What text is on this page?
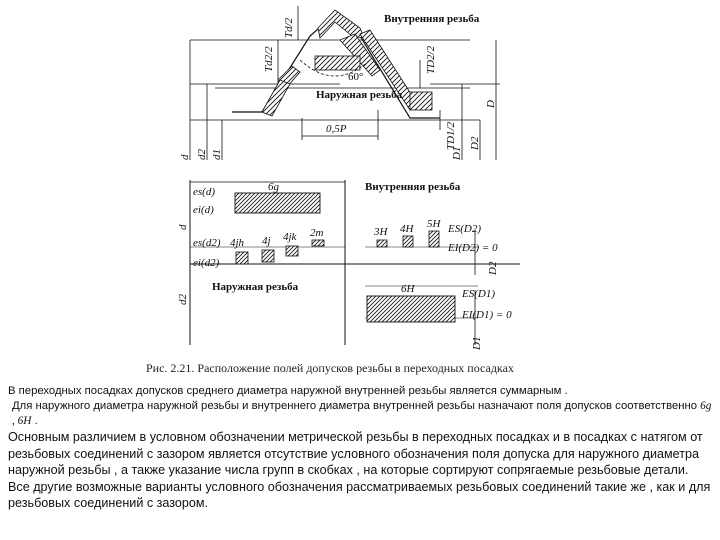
Внутренняя резьба
Наружная резьба
60°
0,5P
Td/2
Td2/2	TD2/2
TD1/2
d d2 d1
D
D2
D1
6g
4jh 4j 4jk 2m	3H 4H 5H
6H
es(d)
ei(d)
es(d2)
ei(d2)
ES(D2)
EI(D2) = 0
ES(D1)
EI(D1) = 0
Внутренняя резьба
Наружная резьба
d
d2
D2
D1
Рис. 2.21. Расположение полей допусков резьбы в переходных посадках

В переходных посадках допусков среднего диаметра наружной внутренней резьбы является суммарным .

Для наружного диаметра наружной резьбы и внутреннего диаметра внутренней резьбы назначают поля допусков соответственно 6g , 6H .

Основным различием в условном обозначении метрической резьбы в переходных посадках и в посадках с натягом от резьбовых соединений с зазором является отсутствие условного обозначения поля допуска для наружного диаметра наружной резьбы , а также указание числа групп в скобках , на которые сортируют сопрягаемые резьбовые детали.

Все другие возможные варианты условного обозначения рассматриваемых резьбовых соединений такие же , как и для резьбовых соединений с зазором.
